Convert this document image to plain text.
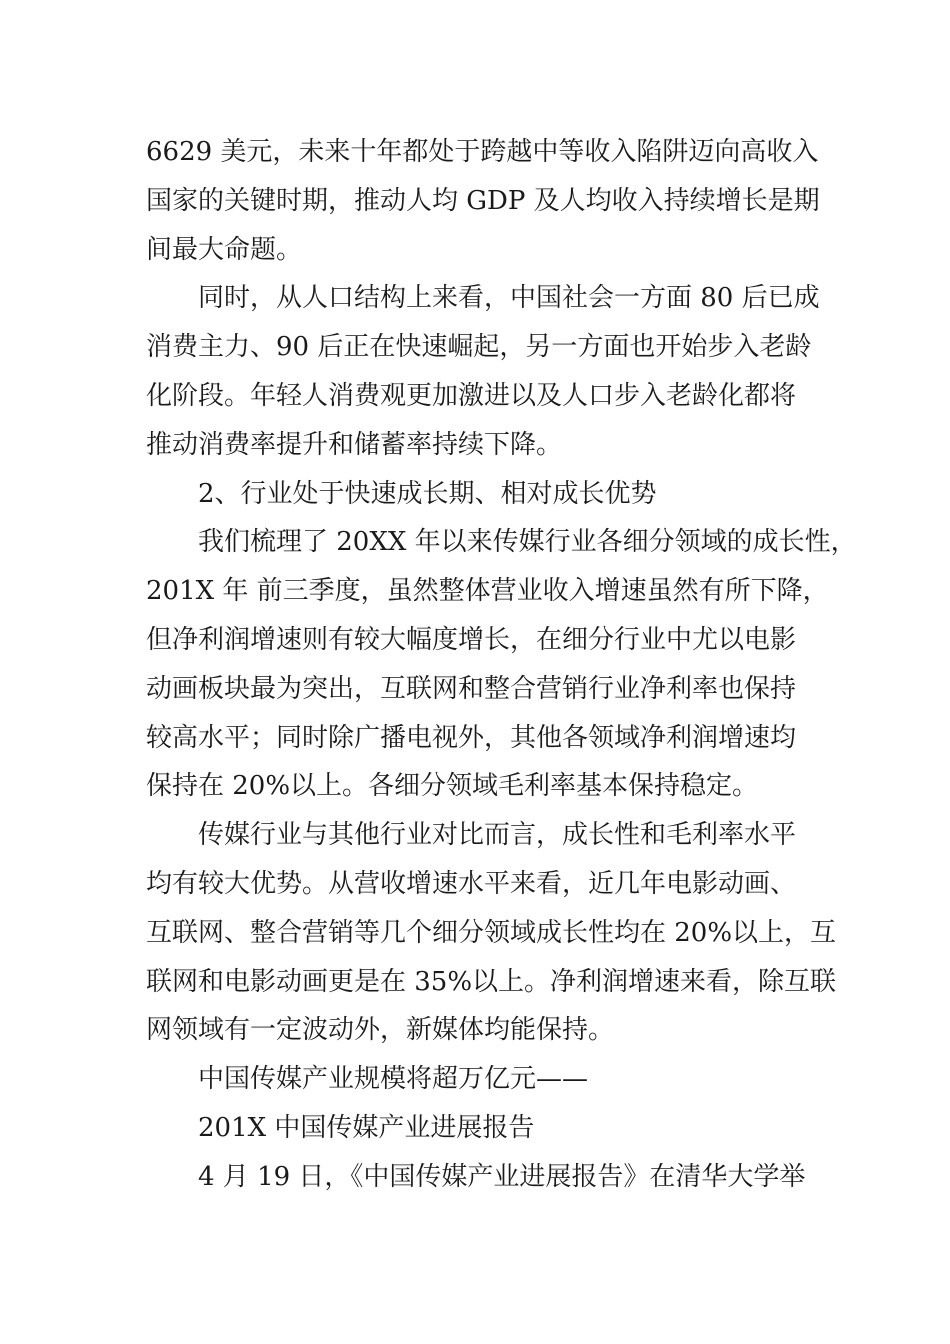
6629 美元，未来十年都处于跨越中等收入陷阱迈向高收入
国家的关键时期，推动人均 GDP 及人均收入持续增长是期
间最大命题。
同时，从人口结构上来看，中国社会一方面 80 后已成
消费主力、90 后正在快速崛起，另一方面也开始步入老龄
化阶段。年轻人消费观更加激进以及人口步入老龄化都将
推动消费率提升和储蓄率持续下降。
2、行业处于快速成长期、相对成长优势
我们梳理了 20XX 年以来传媒行业各细分领域的成长性，
201X 年 前三季度，虽然整体营业收入增速虽然有所下降，
但净利润增速则有较大幅度增长，在细分行业中尤以电影
动画板块最为突出，互联网和整合营销行业净利率也保持
较高水平；同时除广播电视外，其他各领域净利润增速均
保持在 20%以上。各细分领域毛利率基本保持稳定。
传媒行业与其他行业对比而言，成长性和毛利率水平
均有较大优势。从营收增速水平来看，近几年电影动画、
互联网、整合营销等几个细分领域成长性均在 20%以上，互
联网和电影动画更是在 35%以上。净利润增速来看，除互联
网领域有一定波动外，新媒体均能保持。
中国传媒产业规模将超万亿元——
201X 中国传媒产业进展报告
4 月 19 日，《中国传媒产业进展报告》在清华大学举
